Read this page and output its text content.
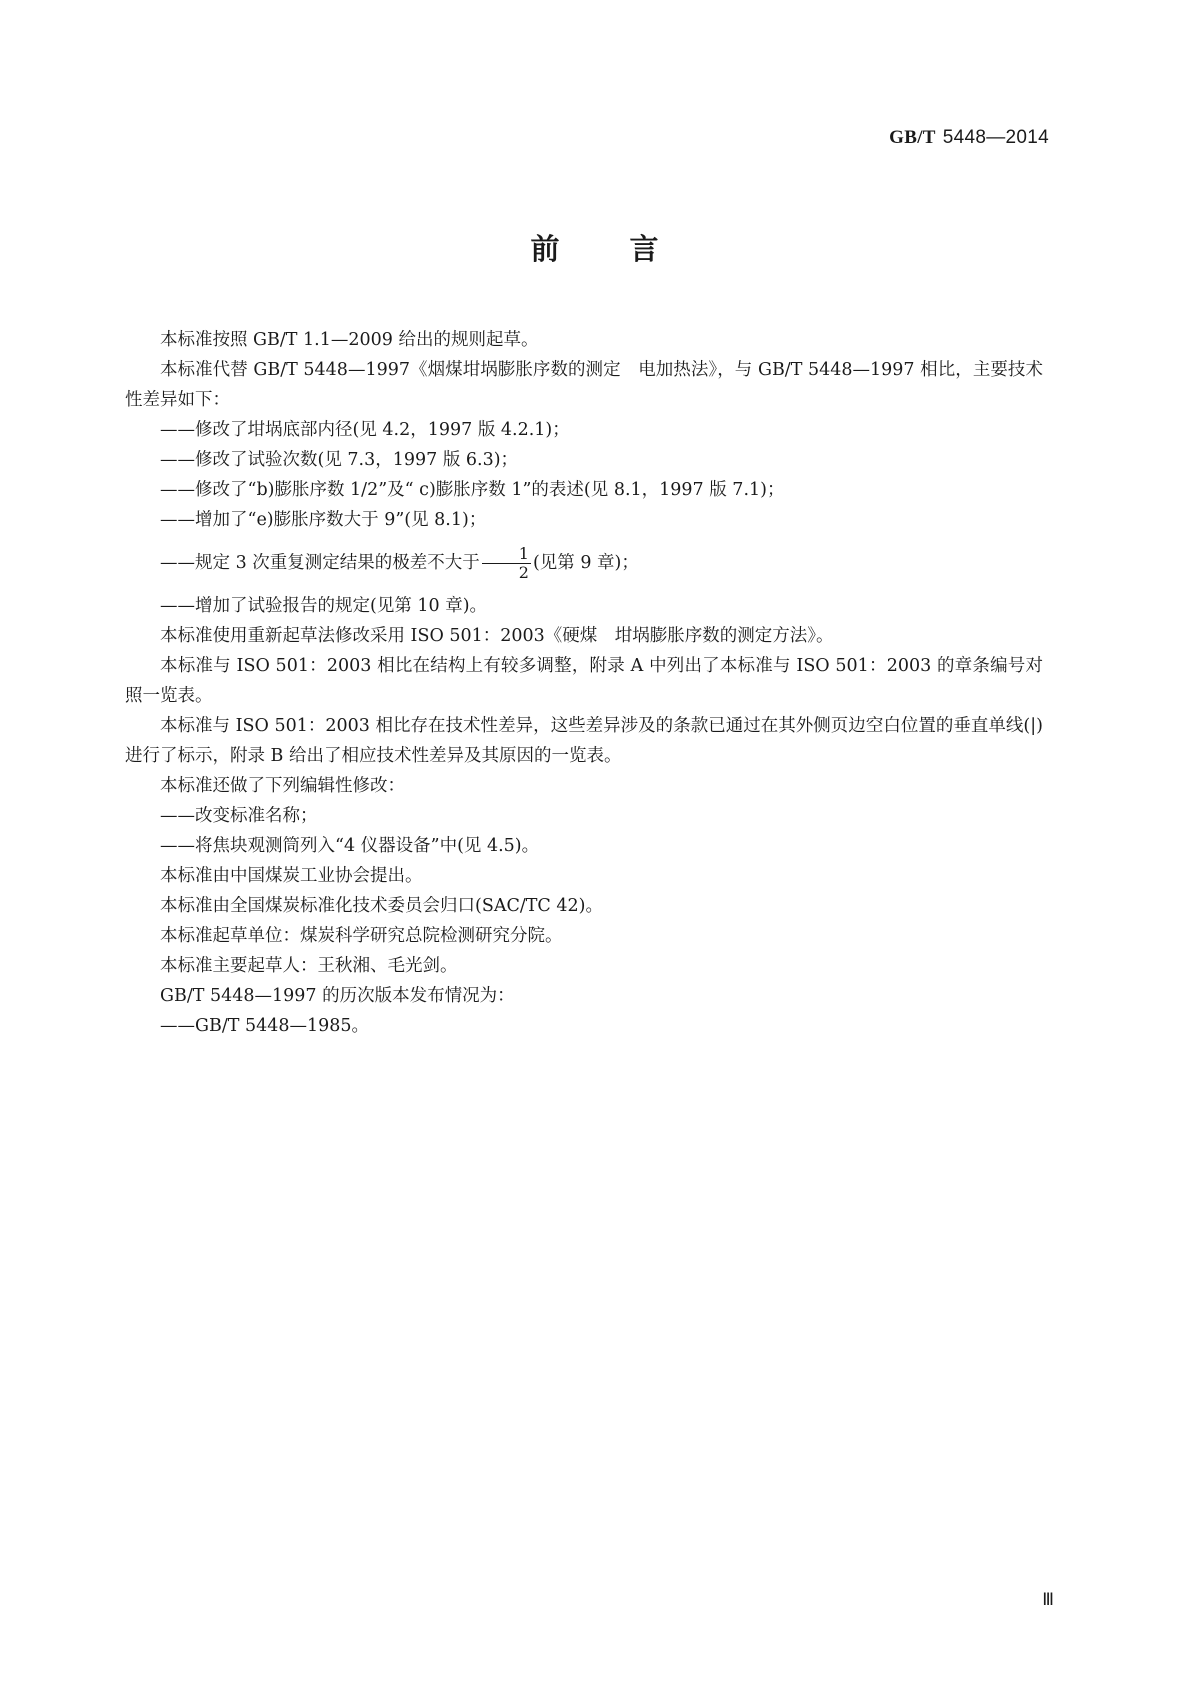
GB/T 5448—2014
前 言

本标准按照 GB/T 1.1—2009 给出的规则起草。

本标准代替 GB/T 5448—1997《烟煤坩埚膨胀序数的测定　电加热法》，与 GB/T 5448—1997 相比，主要技术性差异如下：

——修改了坩埚底部内径(见 4.2，1997 版 4.2.1)；

——修改了试验次数(见 7.3，1997 版 6.3)；

——修改了“b)膨胀序数 1/2”及“ c)膨胀序数 1”的表述(见 8.1，1997 版 7.1)；

——增加了“e)膨胀序数大于 9”(见 8.1)；

——规定 3 次重复测定结果的极差不大于 $\frac{1}{2}$ (见第 9 章)；

——增加了试验报告的规定(见第 10 章)。

本标准使用重新起草法修改采用 ISO 501：2003《硬煤　坩埚膨胀序数的测定方法》。

本标准与 ISO 501：2003 相比在结构上有较多调整，附录 A 中列出了本标准与 ISO 501：2003 的章条编号对照一览表。

本标准与 ISO 501：2003 相比存在技术性差异，这些差异涉及的条款已通过在其外侧页边空白位置的垂直单线(|)进行了标示，附录 B 给出了相应技术性差异及其原因的一览表。

本标准还做了下列编辑性修改：

——改变标准名称；

——将焦块观测筒列入“4 仪器设备”中(见 4.5)。

本标准由中国煤炭工业协会提出。

本标准由全国煤炭标准化技术委员会归口(SAC/TC 42)。

本标准起草单位：煤炭科学研究总院检测研究分院。

本标准主要起草人：王秋湘、毛光剑。

GB/T 5448—1997 的历次版本发布情况为：

——GB/T 5448—1985。

Ⅲ
